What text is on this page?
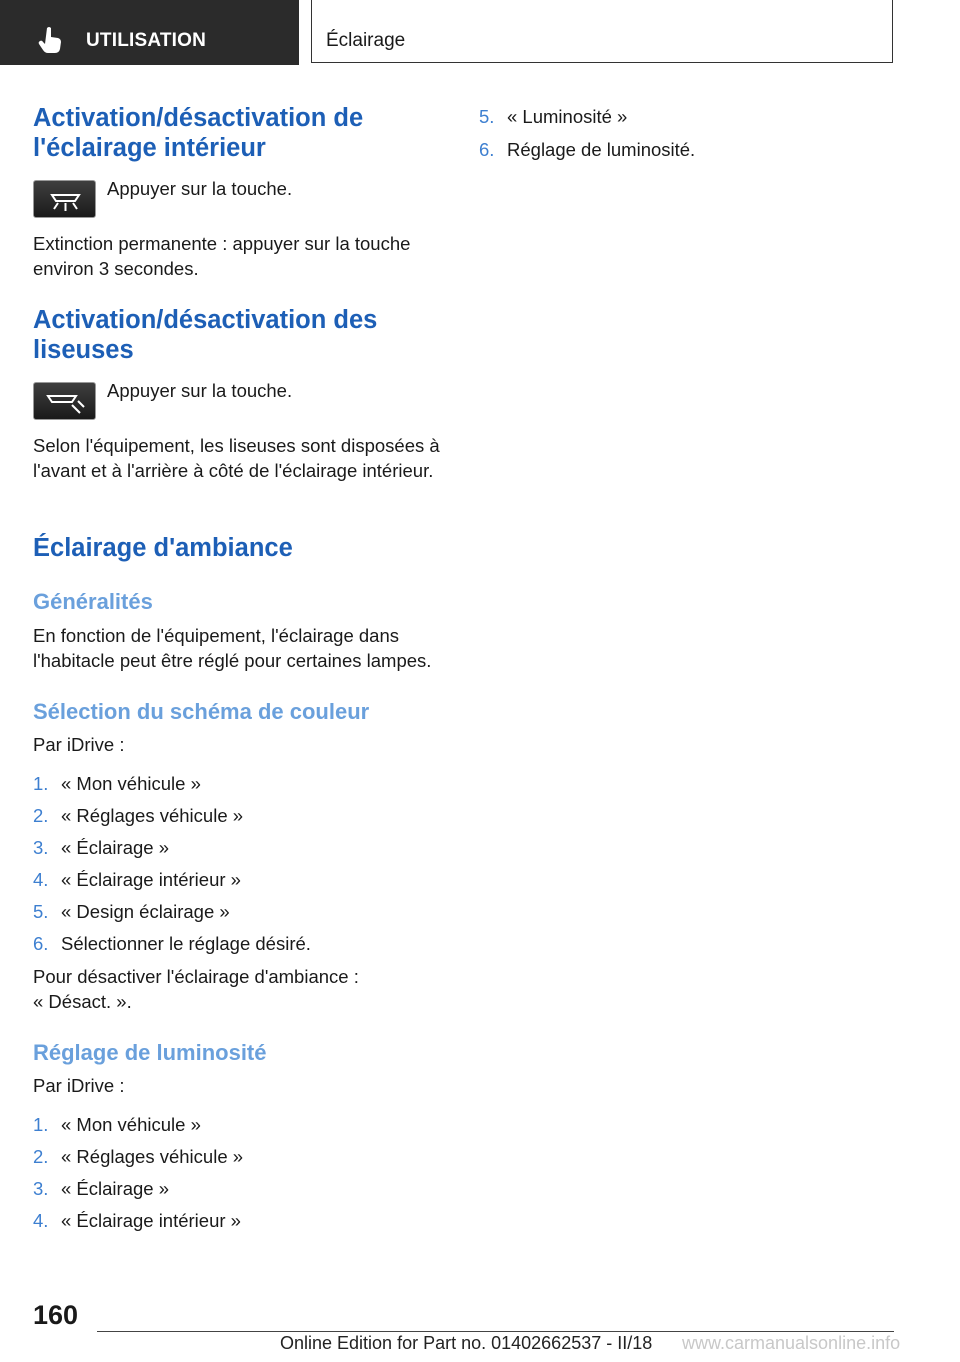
UTILISATION	Éclairage
Activation/désactivation de l'éclairage intérieur

Appuyer sur la touche.

Extinction permanente : appuyer sur la touche environ 3 secondes.

Activation/désactivation des liseuses

Appuyer sur la touche.

Selon l'équipement, les liseuses sont disposées à l'avant et à l'arrière à côté de l'éclairage intérieur.

Éclairage d'ambiance
Généralités

En fonction de l'équipement, l'éclairage dans l'habitacle peut être réglé pour certaines lampes.

Sélection du schéma de couleur

Par iDrive :

1. « Mon véhicule »
2. « Réglages véhicule »
3. « Éclairage »
4. « Éclairage intérieur »
5. « Design éclairage »
6. Sélectionner le réglage désiré.

Pour désactiver l'éclairage d'ambiance : « Désact. ».

Réglage de luminosité

Par iDrive :

1. « Mon véhicule »
2. « Réglages véhicule »
3. « Éclairage »
4. « Éclairage intérieur »
5. « Luminosité »
6. Réglage de luminosité.
160
Online Edition for Part no. 01402662537 - II/18 www.carmanualsonline.info
